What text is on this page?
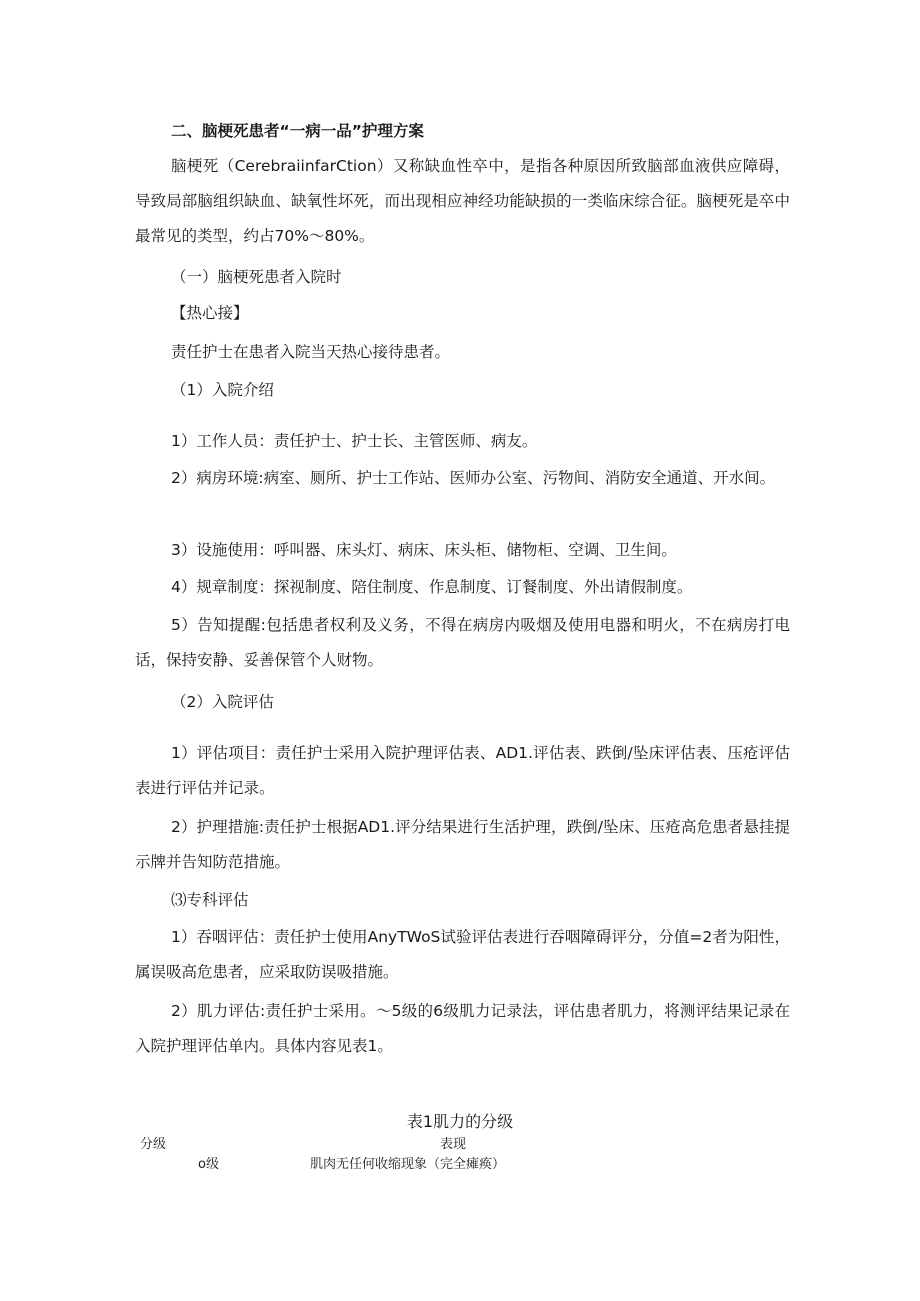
二、脑梗死患者“一病一品”护理方案

脑梗死（CerebraiinfarCtion）又称缺血性卒中，是指各种原因所致脑部血液供应障碍，导致局部脑组织缺血、缺氧性坏死，而出现相应神经功能缺损的一类临床综合征。脑梗死是卒中最常见的类型，约占70%～80%。

（一）脑梗死患者入院时

【热心接】

责任护士在患者入院当天热心接待患者。

（1）入院介绍

1）工作人员：责任护士、护士长、主管医师、病友。

2）病房环境:病室、厕所、护士工作站、医师办公室、污物间、消防安全通道、开水间。

3）设施使用：呼叫器、床头灯、病床、床头柜、储物柜、空调、卫生间。

4）规章制度：探视制度、陪住制度、作息制度、订餐制度、外出请假制度。

5）告知提醒:包括患者权利及义务，不得在病房内吸烟及使用电器和明火，不在病房打电话，保持安静、妥善保管个人财物。

（2）入院评估

1）评估项目：责任护士采用入院护理评估表、AD1.评估表、跌倒/坠床评估表、压疮评估表进行评估并记录。

2）护理措施:责任护士根据AD1.评分结果进行生活护理，跌倒/坠床、压疮高危患者悬挂提示牌并告知防范措施。

⑶专科评估

1）吞咽评估：责任护士使用AnyTWoS试验评估表进行吞咽障碍评分，分值=2者为阳性，属误吸高危患者，应采取防误吸措施。

2）肌力评估:责任护士采用。～5级的6级肌力记录法，评估患者肌力，将测评结果记录在入院护理评估单内。具体内容见表1。

表1肌力的分级
分级	表现
o级	肌肉无任何收缩现象（完全瘫痪）
